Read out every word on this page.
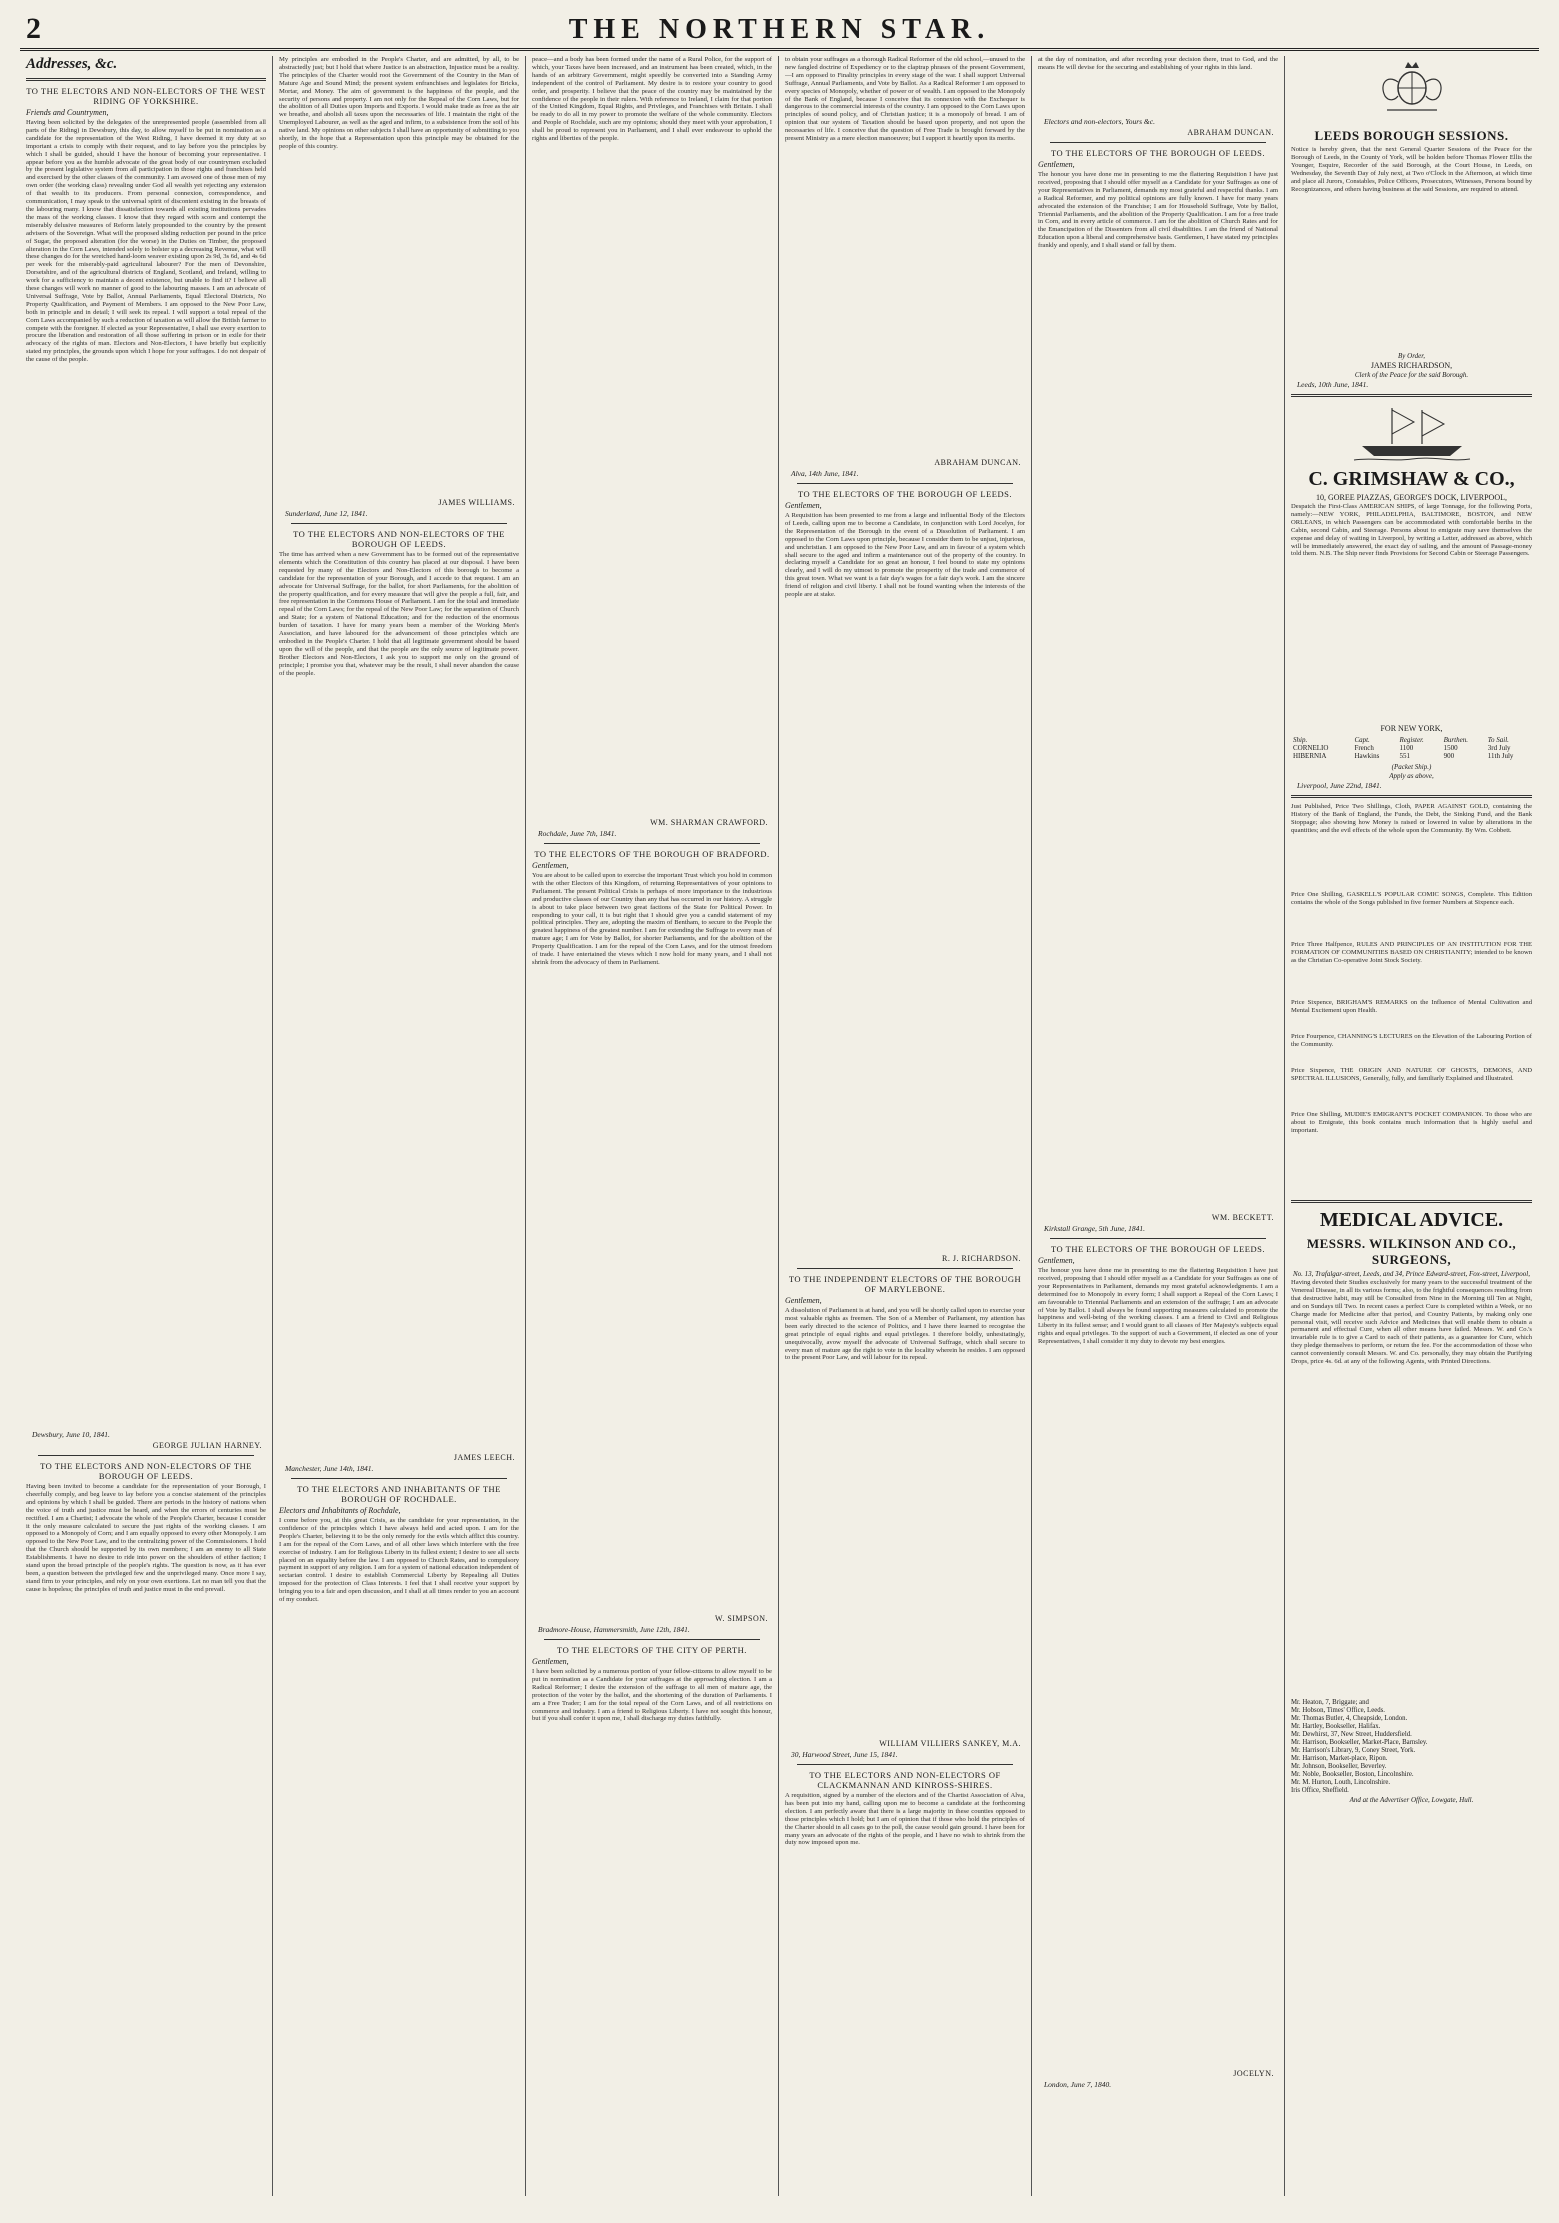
2	THE NORTHERN STAR.
Addresses, &c.
TO THE ELECTORS AND NON-ELECTORS OF THE WEST RIDING OF YORKSHIRE.
Friends and Countrymen,
Having been solicited by the delegates of the unrepresented people (assembled from all parts of the Riding) in Dewsbury, this day, to allow myself to be put in nomination as a candidate for the representation of the West Riding, I have deemed it my duty at so important a crisis to comply with their request, and to lay before you the principles by which I shall be guided, should I have the honour of becoming your representative. I appear before you as the humble advocate of the great body of our countrymen excluded by the present legislative system from all participation in those rights and franchises held and exercised by the other classes of the community. I am avowed one of those men of my own order (the working class) revealing under God all wealth yet rejecting any extension of that wealth to its producers. From personal connexion, correspondence, and communication, I may speak to the universal spirit of discontent existing in the breasts of the labouring many. I know that dissatisfaction towards all existing institutions pervades the mass of the working classes. I know that they regard with scorn and contempt the miserably delusive measures of Reform lately propounded to the country by the present advisers of the Sovereign. What will the proposed sliding reduction per pound in the price of Sugar, the proposed alteration (for the worse) in the Duties on Timber, the proposed alteration in the Corn Laws, intended solely to bolster up a decreasing Revenue, what will these changes do for the wretched hand-loom weaver existing upon 2s 9d, 3s 6d, and 4s 6d per week for the miserably-paid agricultural labourer? For the men of Devonshire, Dorsetshire, and of the agricultural districts of England, Scotland, and Ireland, willing to work for a sufficiency to maintain a decent existence, but unable to find it? I believe all these changes will work no manner of good to the labouring masses. I am an advocate of Universal Suffrage, Vote by Ballot, Annual Parliaments, Equal Electoral Districts, No Property Qualification, and Payment of Members. I am opposed to the New Poor Law, both in principle and in detail; I will seek its repeal. I will support a total repeal of the Corn Laws accompanied by such a reduction of taxation as will allow the British farmer to compete with the foreigner. If elected as your Representative, I shall use every exertion to procure the liberation and restoration of all those suffering in prison or in exile for their advocacy of the rights of man. Electors and Non-Electors, I have briefly but explicitly stated my principles, the grounds upon which I hope for your suffrages. I do not despair of the cause of the people.
Dewsbury, June 10, 1841.
GEORGE JULIAN HARNEY.
TO THE ELECTORS AND NON-ELECTORS OF THE BOROUGH OF LEEDS.
Having been invited to become a candidate for the representation of your Borough, I cheerfully comply, and beg leave to lay before you a concise statement of the principles and opinions by which I shall be guided. There are periods in the history of nations when the voice of truth and justice must be heard, and when the errors of centuries must be rectified. I am a Chartist; I advocate the whole of the People's Charter, because I consider it the only measure calculated to secure the just rights of the working classes. I am opposed to a Monopoly of Corn; and I am equally opposed to every other Monopoly. I am opposed to the New Poor Law, and to the centralizing power of the Commissioners. I hold that the Church should be supported by its own members; I am an enemy to all State Establishments. I have no desire to ride into power on the shoulders of either faction; I stand upon the broad principle of the people's rights. The question is now, as it has ever been, a question between the privileged few and the unprivileged many. Once more I say, stand firm to your principles, and rely on your own exertions. Let no man tell you that the cause is hopeless; the principles of truth and justice must in the end prevail.
My principles are embodied in the People's Charter, and are admitted, by all, to be abstractedly just; but I hold that where Justice is an abstraction, Injustice must be a reality. The principles of the Charter would root the Government of the Country in the Man of Mature Age and Sound Mind; the present system enfranchises and legislates for Bricks, Mortar, and Money. The aim of government is the happiness of the people, and the security of persons and property. I am not only for the Repeal of the Corn Laws, but for the abolition of all Duties upon Imports and Exports. I would make trade as free as the air we breathe, and abolish all taxes upon the necessaries of life. I maintain the right of the Unemployed Labourer, as well as the aged and infirm, to a subsistence from the soil of his native land. My opinions on other subjects I shall have an opportunity of submitting to you shortly, in the hope that a Representation upon this principle may be obtained for the people of this country.
JAMES WILLIAMS.
Sunderland, June 12, 1841.
TO THE ELECTORS AND NON-ELECTORS OF THE BOROUGH OF LEEDS.
The time has arrived when a new Government has to be formed out of the representative elements which the Constitution of this country has placed at our disposal. I have been requested by many of the Electors and Non-Electors of this borough to become a candidate for the representation of your Borough, and I accede to that request. I am an advocate for Universal Suffrage, for the ballot, for short Parliaments, for the abolition of the property qualification, and for every measure that will give the people a full, fair, and free representation in the Commons House of Parliament. I am for the total and immediate repeal of the Corn Laws; for the repeal of the New Poor Law; for the separation of Church and State; for a system of National Education; and for the reduction of the enormous burden of taxation. I have for many years been a member of the Working Men's Association, and have laboured for the advancement of those principles which are embodied in the People's Charter. I hold that all legitimate government should be based upon the will of the people, and that the people are the only source of legitimate power. Brother Electors and Non-Electors, I ask you to support me only on the ground of principle; I promise you that, whatever may be the result, I shall never abandon the cause of the people.
JAMES LEECH.
Manchester, June 14th, 1841.
TO THE ELECTORS AND INHABITANTS OF THE BOROUGH OF ROCHDALE.
Electors and Inhabitants of Rochdale,
I come before you, at this great Crisis, as the candidate for your representation, in the confidence of the principles which I have always held and acted upon. I am for the People's Charter, believing it to be the only remedy for the evils which afflict this country. I am for the repeal of the Corn Laws, and of all other laws which interfere with the free exercise of industry. I am for Religious Liberty in its fullest extent; I desire to see all sects placed on an equality before the law. I am opposed to Church Rates, and to compulsory payment in support of any religion. I am for a system of national education independent of sectarian control. I desire to establish Commercial Liberty by Repealing all Duties imposed for the protection of Class Interests. I feel that I shall receive your support by bringing you to a fair and open discussion, and I shall at all times render to you an account of my conduct.
peace—and a body has been formed under the name of a Rural Police, for the support of which, your Taxes have been increased, and an instrument has been created, which, in the hands of an arbitrary Government, might speedily be converted into a Standing Army independent of the control of Parliament. My desire is to restore your country to good order, and prosperity. I believe that the peace of the country may be maintained by the confidence of the people in their rulers. With reference to Ireland, I claim for that portion of the United Kingdom, Equal Rights, and Privileges, and Franchises with Britain. I shall be ready to do all in my power to promote the welfare of the whole community. Electors and People of Rochdale, such are my opinions; should they meet with your approbation, I shall be proud to represent you in Parliament, and I shall ever endeavour to uphold the rights and liberties of the people.
WM. SHARMAN CRAWFORD.
Rochdale, June 7th, 1841.
TO THE ELECTORS OF THE BOROUGH OF BRADFORD.
Gentlemen,
You are about to be called upon to exercise the important Trust which you hold in common with the other Electors of this Kingdom, of returning Representatives of your opinions to Parliament. The present Political Crisis is perhaps of more importance to the industrious and productive classes of our Country than any that has occurred in our history. A struggle is about to take place between two great factions of the State for Political Power. In responding to your call, it is but right that I should give you a candid statement of my political principles. They are, adopting the maxim of Bentham, to secure to the People the greatest happiness of the greatest number. I am for extending the Suffrage to every man of mature age; I am for Vote by Ballot, for shorter Parliaments, and for the abolition of the Property Qualification. I am for the repeal of the Corn Laws, and for the utmost freedom of trade. I have entertained the views which I now hold for many years, and I shall not shrink from the advocacy of them in Parliament.
W. SIMPSON.
Bradmore-House, Hammersmith, June 12th, 1841.
TO THE ELECTORS OF THE CITY OF PERTH.
Gentlemen,
I have been solicited by a numerous portion of your fellow-citizens to allow myself to be put in nomination as a Candidate for your suffrages at the approaching election. I am a Radical Reformer; I desire the extension of the suffrage to all men of mature age, the protection of the voter by the ballot, and the shortening of the duration of Parliaments. I am a Free Trader; I am for the total repeal of the Corn Laws, and of all restrictions on commerce and industry. I am a friend to Religious Liberty. I have not sought this honour, but if you shall confer it upon me, I shall discharge my duties faithfully.
to obtain your suffrages as a thorough Radical Reformer of the old school,—unused to the new fangled doctrine of Expediency or to the claptrap phrases of the present Government,—I am opposed to Finality principles in every stage of the war. I shall support Universal Suffrage, Annual Parliaments, and Vote by Ballot. As a Radical Reformer I am opposed to every species of Monopoly, whether of power or of wealth. I am opposed to the Monopoly of the Bank of England, because I conceive that its connexion with the Exchequer is dangerous to the commercial interests of the country. I am opposed to the Corn Laws upon principles of sound policy, and of Christian justice; it is a monopoly of bread. I am of opinion that our system of Taxation should be based upon property, and not upon the necessaries of life. I conceive that the question of Free Trade is brought forward by the present Ministry as a mere election manoeuvre; but I support it heartily upon its merits.
ABRAHAM DUNCAN.
Alva, 14th June, 1841.
TO THE ELECTORS OF THE BOROUGH OF LEEDS.
Gentlemen,
A Requisition has been presented to me from a large and influential Body of the Electors of Leeds, calling upon me to become a Candidate, in conjunction with Lord Jocelyn, for the Representation of the Borough in the event of a Dissolution of Parliament. I am opposed to the Corn Laws upon principle, because I consider them to be unjust, injurious, and unchristian. I am opposed to the New Poor Law, and am in favour of a system which shall secure to the aged and infirm a maintenance out of the property of the country. In declaring myself a Candidate for so great an honour, I feel bound to state my opinions clearly, and I will do my utmost to promote the prosperity of the trade and commerce of this great town. What we want is a fair day's wages for a fair day's work. I am the sincere friend of religion and civil liberty. I shall not be found wanting when the interests of the people are at stake.
R. J. RICHARDSON.
TO THE INDEPENDENT ELECTORS OF THE BOROUGH OF MARYLEBONE.
Gentlemen,
A dissolution of Parliament is at hand, and you will be shortly called upon to exercise your most valuable rights as freemen. The Son of a Member of Parliament, my attention has been early directed to the science of Politics, and I have there learned to recognise the great principle of equal rights and equal privileges. I therefore boldly, unhesitatingly, unequivocally, avow myself the advocate of Universal Suffrage, which shall secure to every man of mature age the right to vote in the locality wherein he resides. I am opposed to the present Poor Law, and will labour for its repeal.
WILLIAM VILLIERS SANKEY, M.A.
30, Harwood Street, June 15, 1841.
TO THE ELECTORS AND NON-ELECTORS OF CLACKMANNAN AND KINROSS-SHIRES.
A requisition, signed by a number of the electors and of the Chartist Association of Alva, has been put into my hand, calling upon me to become a candidate at the forthcoming election. I am perfectly aware that there is a large majority in these counties opposed to those principles which I hold; but I am of opinion that if those who hold the principles of the Charter should in all cases go to the poll, the cause would gain ground. I have been for many years an advocate of the rights of the people, and I have no wish to shrink from the duty now imposed upon me.
at the day of nomination, and after recording your decision there, trust to God, and the means He will devise for the securing and establishing of your rights in this land.
Electors and non-electors, Yours &c.
ABRAHAM DUNCAN.
TO THE ELECTORS OF THE BOROUGH OF LEEDS.
Gentlemen,
The honour you have done me in presenting to me the flattering Requisition I have just received, proposing that I should offer myself as a Candidate for your Suffrages as one of your Representatives in Parliament, demands my most grateful and respectful thanks. I am a Radical Reformer, and my political opinions are fully known. I have for many years advocated the extension of the Franchise; I am for Household Suffrage, Vote by Ballot, Triennial Parliaments, and the abolition of the Property Qualification. I am for a free trade in Corn, and in every article of commerce. I am for the abolition of Church Rates and for the Emancipation of the Dissenters from all civil disabilities. I am the friend of National Education upon a liberal and comprehensive basis. Gentlemen, I have stated my principles frankly and openly, and I shall stand or fall by them.
WM. BECKETT.
Kirkstall Grange, 5th June, 1841.
TO THE ELECTORS OF THE BOROUGH OF LEEDS.
Gentlemen,
The honour you have done me in presenting to me the flattering Requisition I have just received, proposing that I should offer myself as a Candidate for your Suffrages as one of your Representatives in Parliament, demands my most grateful acknowledgments. I am a determined foe to Monopoly in every form; I shall support a Repeal of the Corn Laws; I am favourable to Triennial Parliaments and an extension of the suffrage; I am an advocate of Vote by Ballot. I shall always be found supporting measures calculated to promote the happiness and well-being of the working classes. I am a friend to Civil and Religious Liberty in its fullest sense; and I would grant to all classes of Her Majesty's subjects equal rights and equal privileges. To the support of such a Government, if elected as one of your Representatives, I shall consider it my duty to devote my best energies.
JOCELYN.
London, June 7, 1840.
LEEDS BOROUGH SESSIONS.
Notice is hereby given, that the next General Quarter Sessions of the Peace for the Borough of Leeds, in the County of York, will be holden before Thomas Flower Ellis the Younger, Esquire, Recorder of the said Borough, at the Court House, in Leeds, on Wednesday, the Seventh Day of July next, at Two o'Clock in the Afternoon, at which time and place all Jurors, Constables, Police Officers, Prosecutors, Witnesses, Persons bound by Recognizances, and others having business at the said Sessions, are required to attend.
By Order,
JAMES RICHARDSON,
Clerk of the Peace for the said Borough.
Leeds, 10th June, 1841.
C. GRIMSHAW & CO.,
10, GOREE PIAZZAS, GEORGE'S DOCK, LIVERPOOL,
Despatch the First-Class AMERICAN SHIPS, of large Tonnage, for the following Ports, namely:—NEW YORK, PHILADELPHIA, BALTIMORE, BOSTON, and NEW ORLEANS, in which Passengers can be accommodated with comfortable berths in the Cabin, second Cabin, and Steerage. Persons about to emigrate may save themselves the expense and delay of waiting in Liverpool, by writing a Letter, addressed as above, which will be immediately answered, the exact day of sailing, and the amount of Passage-money told them. N.B. The Ship never finds Provisions for Second Cabin or Steerage Passengers.
FOR NEW YORK,
Ship.	Capt.	Register.	Burthen.	To Sail.
CORNELIO	French	1100	1500	3rd July
HIBERNIA	Hawkins	551	900	11th July
(Packet Ship.)
Apply as above,
Liverpool, June 22nd, 1841.
Just Published, Price Two Shillings, Cloth, PAPER AGAINST GOLD, containing the History of the Bank of England, the Funds, the Debt, the Sinking Fund, and the Bank Stoppage; also showing how Money is raised or lowered in value by alterations in the quantities; and the evil effects of the whole upon the Community. By Wm. Cobbett.
Price One Shilling, GASKELL'S POPULAR COMIC SONGS, Complete. This Edition contains the whole of the Songs published in five former Numbers at Sixpence each.
Price Three Halfpence, RULES AND PRINCIPLES OF AN INSTITUTION FOR THE FORMATION OF COMMUNITIES BASED ON CHRISTIANITY; intended to be known as the Christian Co-operative Joint Stock Society.
Price Sixpence, BRIGHAM'S REMARKS on the Influence of Mental Cultivation and Mental Excitement upon Health.
Price Fourpence, CHANNING'S LECTURES on the Elevation of the Labouring Portion of the Community.
Price Sixpence, THE ORIGIN AND NATURE OF GHOSTS, DEMONS, AND SPECTRAL ILLUSIONS, Generally, fully, and familiarly Explained and Illustrated.
Price One Shilling, MUDIE'S EMIGRANT'S POCKET COMPANION. To those who are about to Emigrate, this book contains much information that is highly useful and important.
MEDICAL ADVICE.
MESSRS. WILKINSON AND CO., SURGEONS,
No. 13, Trafalgar-street, Leeds, and 34, Prince Edward-street, Fox-street, Liverpool,
Having devoted their Studies exclusively for many years to the successful treatment of the Venereal Disease, in all its various forms; also, to the frightful consequences resulting from that destructive habit, may still be Consulted from Nine in the Morning till Ten at Night, and on Sundays till Two. In recent cases a perfect Cure is completed within a Week, or no Charge made for Medicine after that period, and Country Patients, by making only one personal visit, will receive such Advice and Medicines that will enable them to obtain a permanent and effectual Cure, when all other means have failed. Messrs. W. and Co.'s invariable rule is to give a Card to each of their patients, as a guarantee for Cure, which they pledge themselves to perform, or return the fee. For the accommodation of those who cannot conveniently consult Messrs. W. and Co. personally, they may obtain the Purifying Drops, price 4s. 6d. at any of the following Agents, with Printed Directions.
Mr. Heaton, 7, Briggate; and
Mr. Hobson, Times' Office, Leeds.
Mr. Thomas Butler, 4, Cheapside, London.
Mr. Hartley, Bookseller, Halifax.
Mr. Dewhirst, 37, New Street, Huddersfield.
Mr. Harrison, Bookseller, Market-Place, Barnsley.
Mr. Harrison's Library, 9, Coney Street, York.
Mr. Harrison, Market-place, Ripon.
Mr. Johnson, Bookseller, Beverley.
Mr. Noble, Bookseller, Boston, Lincolnshire.
Mr. M. Hurton, Louth, Lincolnshire.
Iris Office, Sheffield.
And at the Advertiser Office, Lowgate, Hull.
